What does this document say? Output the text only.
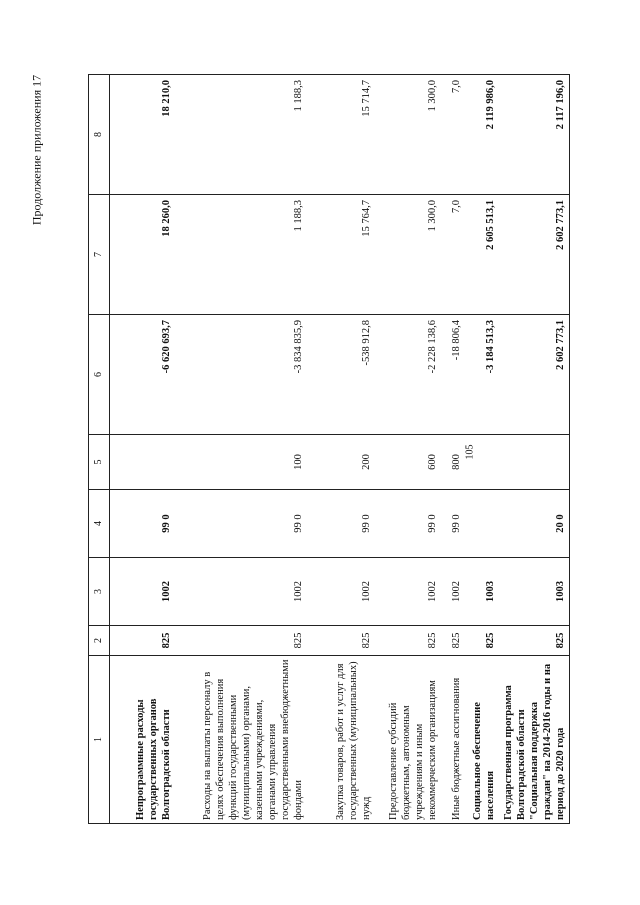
105
Продолжение приложения 17
1	2	3	4	5	6	7	8
Непрограммные расходы государственных органов Волгоградской области	825	1002	99 0		-6 620 693,7	18 260,0	18 210,0
Расходы на выплаты персоналу в целях обеспечения выполнения функций государственными (муниципальными) органами, казенными учреждениями, органами управления государственными внебюджетными фондами	825	1002	99 0	100	-3 834 835,9	1 188,3	1 188,3
Закупка товаров, работ и услуг для государственных (муниципальных) нужд	825	1002	99 0	200	-538 912,8	15 764,7	15 714,7
Предоставление субсидий бюджетным, автономным учреждениям и иным некоммерческим организациям	825	1002	99 0	600	-2 228 138,6	1 300,0	1 300,0
Иные бюджетные ассигнования	825	1002	99 0	800	-18 806,4	7,0	7,0
Социальное обеспечение населения	825	1003			-3 184 513,3	2 605 513,1	2 119 986,0
Государственная программа Волгоградской области "Социальная поддержка граждан" на 2014-2016 годы и на период до 2020 года	825	1003	20 0		2 602 773,1	2 602 773,1	2 117 196,0
